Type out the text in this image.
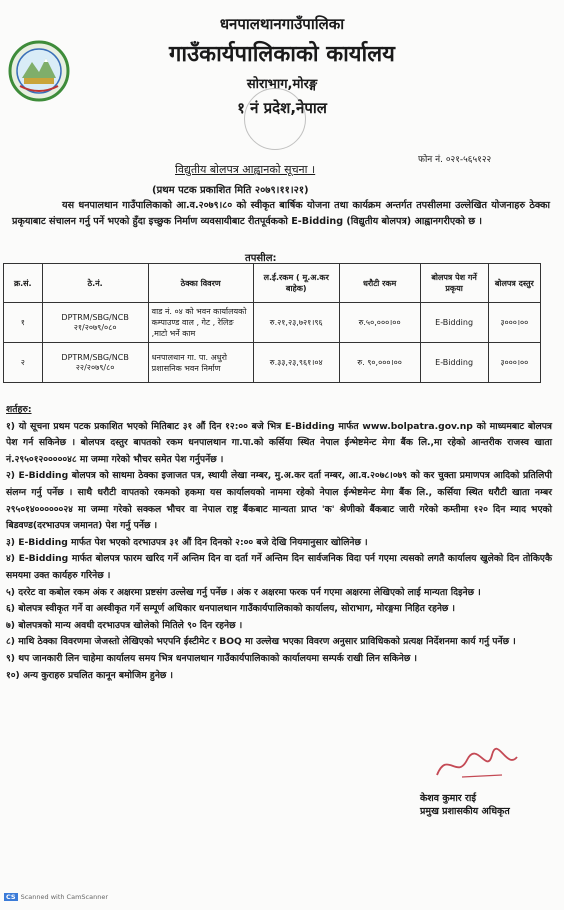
धनपालथानगाउँपालिका
गाउँकार्यपालिकाको कार्यालय
सोराभाग,मोरङ्ग
१ नं प्रदेश,नेपाल
फोन नं. ०२१-५६५१२२
विद्युतीय बोलपत्र आह्वानको सूचना ।
(प्रथम पटक प्रकाशित मिति २०७९।११।२१)

यस धनपालथान गाउँपालिकाको आ.व.२०७९।८० को स्वीकृत बार्षिक योजना तथा कार्यक्रम अन्तर्गत तपसीलमा उल्लेखित योजनाहरु ठेक्का प्रकृयाबाट संचालन गर्नु पर्ने भएको हुँदा इच्छुक निर्माण व्यवसायीबाट रीतपूर्वकको E-Bidding (विद्युतीय बोलपत्र) आह्वानगरीएको छ ।

तपसील:
क्र.सं.	ठे.नं.	ठेक्का विवरण	ल.ई.रकम ( मू.अ.कर बाहेक)	धरौटी रकम	बोलपत्र पेश गर्ने प्रकृया	बोलपत्र दस्तुर
१	DPTRM/SBG/NCB २१/२०७९/०८०	वाड नं. ०४ को भवन कार्यालयको कम्पाउण्ड वाल , गेट , रेलिङ ,माटो भर्ने काम	रु.२१,२३,७२१।९६	रु.५०,०००।००	E-Bidding	३०००।००
२	DPTRM/SBG/NCB २२/२०७९/८०	धनपालथान गा. पा. अधुरो प्रशासनिक भवन निर्माण	रु.३३,२३,९६१।०४	रु. ९०,०००।००	E-Bidding	३०००।००

शर्तहरु:

१) यो सूचना प्रथम पटक प्रकाशित भएको मितिबाट ३१ औं दिन १२:०० बजे भित्र E-Bidding मार्फत www.bolpatra.gov.np को माध्यमबाट बोलपत्र पेश गर्न सकिनेछ । बोलपत्र दस्तुर बापतको रकम धनपालथान गा.पा.को कर्सिया स्थित नेपाल ईन्भेष्टमेन्ट मेगा बैंक लि.,मा रहेको आन्तरीक राजस्व खाता नं.२९५०१२०००००४८ मा जम्मा गरेको भौचर समेत पेश गर्नुपर्नेछ ।
२) E-Bidding बोलपत्र को साथमा ठेक्का इजाजत पत्र, स्थायी लेखा नम्बर, मु.अ.कर दर्ता नम्बर, आ.व.२०७८।०७९ को कर चुक्ता प्रमाणपत्र आदिको प्रतिलिपी संलग्न गर्नु पर्नेछ । साथै धरौटी वापतको रकमको हकमा यस कार्यालयको नाममा रहेको नेपाल ईन्भेष्टमेन्ट मेगा बैंक लि., कर्सिया स्थित धरौटी खाता नम्बर २९५०१४००००००२४ मा जम्मा गरेको सक्कल भौचर वा नेपाल राष्ट्र बैंकबाट मान्यता प्राप्त 'क' श्रेणीको बैंकबाट जारी गरेको कम्तीमा १२० दिन म्याद भएको बिडवण्ड(दरभाउपत्र जमानत) पेश गर्नु पर्नेछ ।
३) E-Bidding मार्फत पेश भएको दरभाउपत्र ३१ औं दिन दिनको २:०० बजे देखि नियमानुसार खोलिनेछ ।
४) E-Bidding मार्फत बोलपत्र फारम खरिद गर्ने अन्तिम दिन वा दर्ता गर्ने अन्तिम दिन सार्वजनिक विदा पर्न गएमा त्यसको लगतै कार्यालय खुलेको दिन तोकिएकै समयमा उक्त कार्यहरु गरिनेछ ।
५) दररेट वा कबोल रकम अंक र अक्षरमा प्रष्टसंग उल्लेख गर्नु पर्नेछ । अंक र अक्षरमा फरक पर्न गएमा अक्षरमा लेखिएको लाई मान्यता दिइनेछ ।
६) बोलपत्र स्वीकृत गर्ने वा अस्वीकृत गर्ने सम्पूर्ण अधिकार धनपालथान गाउँकार्यपालिकाको कार्यालय, सोराभाग, मोरङ्गमा निहित रहनेछ ।
७) बोलपत्रको मान्य अवधी दरभाउपत्र खोलेको मितिले ९० दिन रहनेछ ।
८) माथि ठेक्का विवरणमा जेजस्तो लेखिएको भएपनि ईस्टीमेट र BOQ मा उल्लेख भएका विवरण अनुसार प्राविधिकको प्रत्यक्ष निर्देशनमा कार्य गर्नु पर्नेछ ।
९) थप जानकारी लिन चाहेमा कार्यालय समय भित्र धनपालथान गाउँकार्यपालिकाको कार्यालयमा सम्पर्क राखी लिन सकिनेछ ।
१०) अन्य कुराहरु प्रचलित कानून बमोजिम हुनेछ ।
केशव कुमार राई
प्रमुख प्रशासकीय अधिकृत
CS Scanned with CamScanner
